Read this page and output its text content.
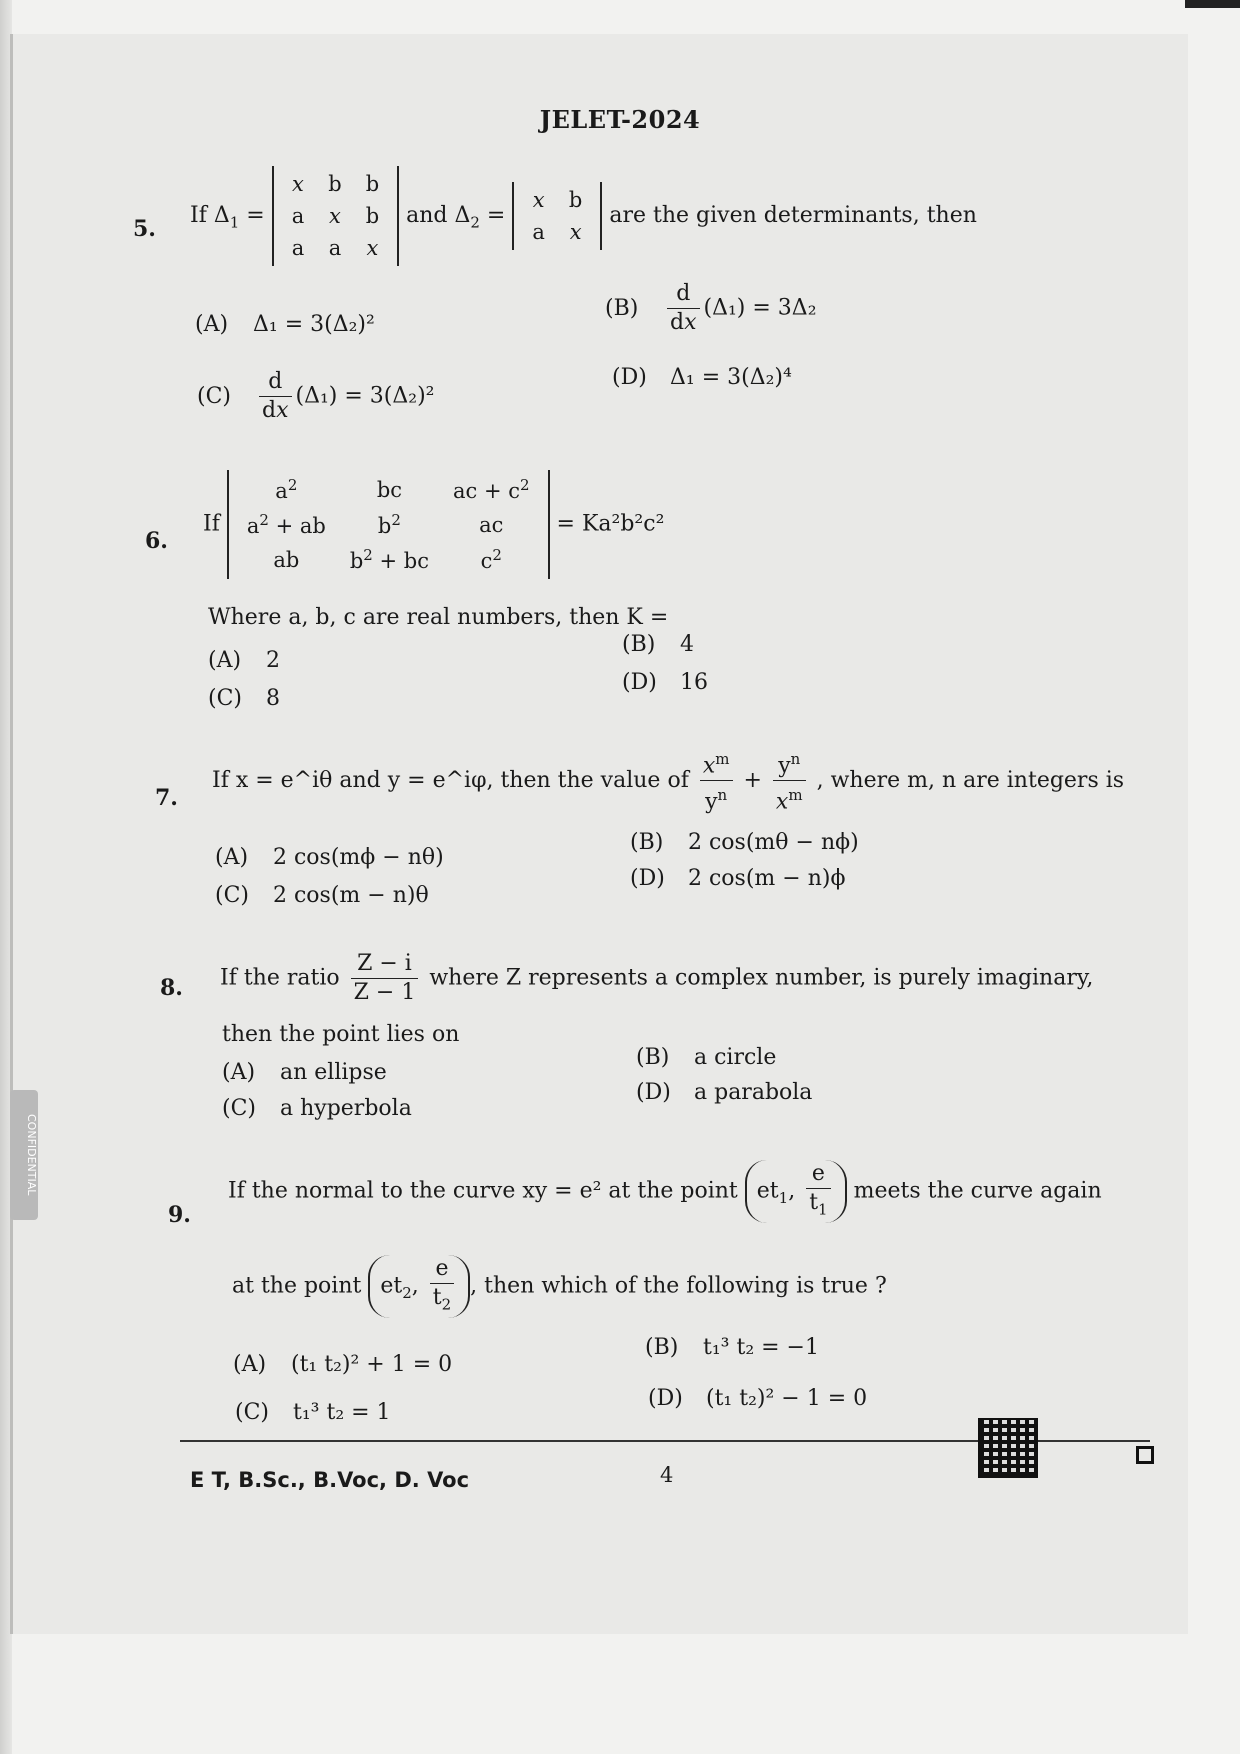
CONFIDENTIAL
JELET-2024
5.
If $\Delta_1$ =
x	b	b
a	x	b
a	a	x
and $\Delta_2$ =
x	b
a	x
are the given determinants, then
(A) Δ₁ = 3(Δ₂)²
$(B) \frac{d}{dx} (\Delta_1) = 3\Delta_2$
$(C) \frac{d}{dx} (\Delta_1) = 3(\Delta_2)^2$
(D) Δ₁ = 3(Δ₂)⁴
6.
If
$a^2$	bc	ac + $c^2$
$a^2$ + ab	$b^2$	ac
ab	$b^2$ + bc	$c^2$
= Ka²b²c²
Where a, b, c are real numbers, then K =
(A) 2
(B) 4
(C) 8
(D) 16
7.
If x = e^iθ and y = e^iφ, then the value of $\frac{x^m}{y^n} + \frac{y^n}{x^m}$ , where m, n are integers is
(A) 2 cos(mϕ − nθ)
(B) 2 cos(mθ − nϕ)
(C) 2 cos(m − n)θ
(D) 2 cos(m − n)ϕ
8. If the ratio $\frac{Z - i}{Z - 1}$ where Z represents a complex number, is purely imaginary,
then the point lies on
(A) an ellipse
(B) a circle
(C) a hyperbola
(D) a parabola
9.
If the normal to the curve xy = e² at the point $et_1$, $\frac{e}{t_1}$ meets the curve again
at the point $et_2$, $\frac{e}{t_2}$ , then which of the following is true ?
(A) (t₁ t₂)² + 1 = 0
(B) t₁³ t₂ = −1
(C) t₁³ t₂ = 1
(D) (t₁ t₂)² − 1 = 0
E T, B.Sc., B.Voc, D. Voc	4
